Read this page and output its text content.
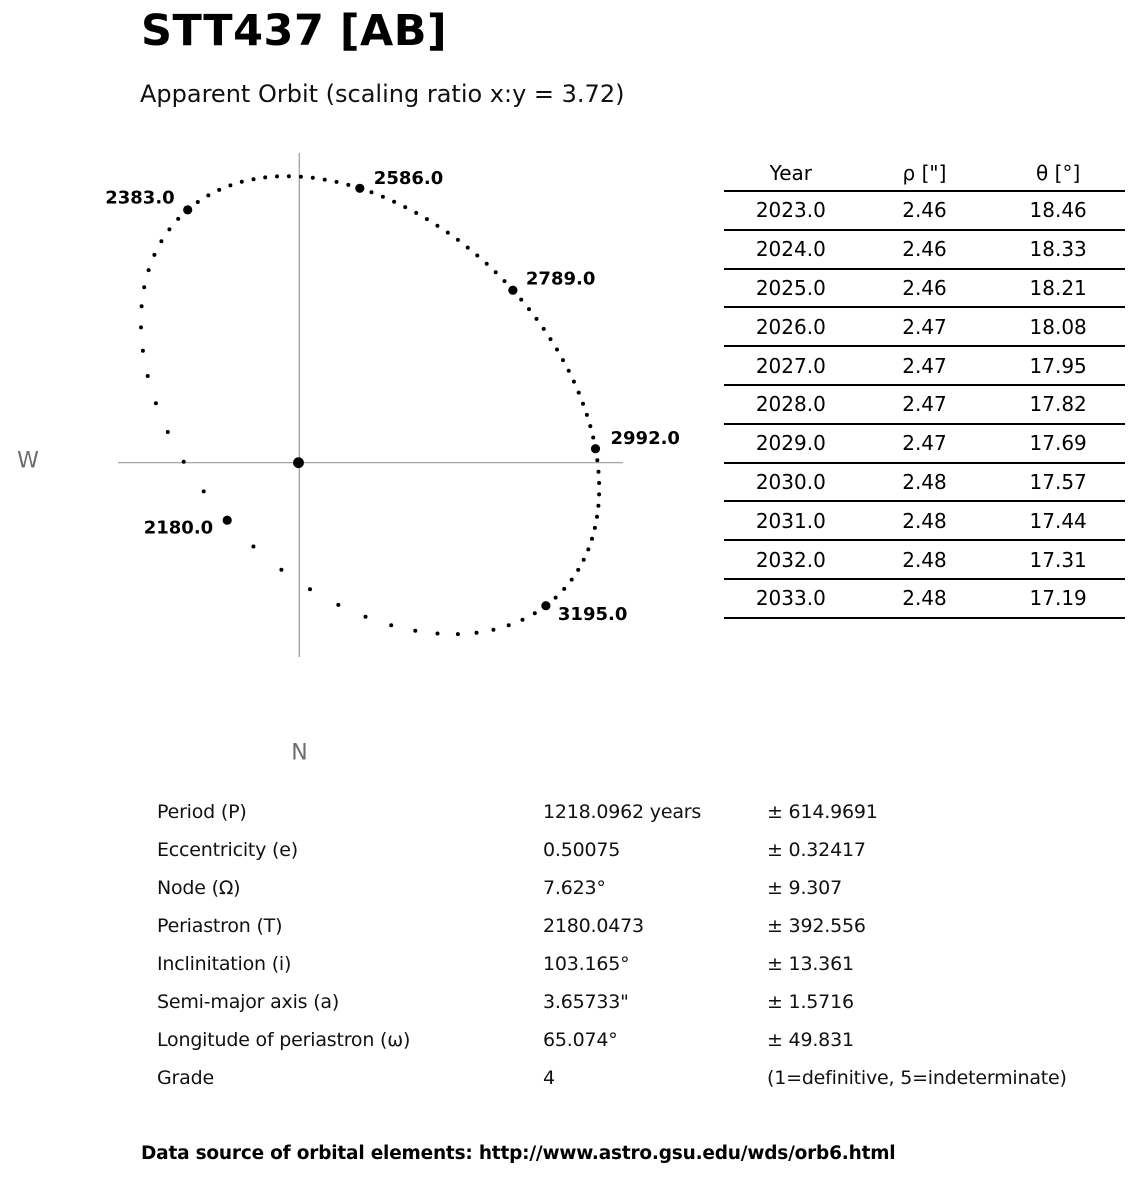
STT437 [AB]
Apparent Orbit (scaling ratio x:y = 3.72)
W
N
2180.0
2383.0
2586.0
2789.0
2992.0
3195.0
Year	ρ ["]	θ [°]
2023.0	2.46	18.46
2024.0	2.46	18.33
2025.0	2.46	18.21
2026.0	2.47	18.08
2027.0	2.47	17.95
2028.0	2.47	17.82
2029.0	2.47	17.69
2030.0	2.48	17.57
2031.0	2.48	17.44
2032.0	2.48	17.31
2033.0	2.48	17.19
Period (P)	1218.0962 years	± 614.9691
Eccentricity (e)	0.50075	± 0.32417
Node (Ω)	7.623°	± 9.307
Periastron (T)	2180.0473	± 392.556
Inclinitation (i)	103.165°	± 13.361
Semi-major axis (a)	3.65733"	± 1.5716
Longitude of periastron (ω)	65.074°	± 49.831
Grade	4	(1=definitive, 5=indeterminate)
Data source of orbital elements: http://www.astro.gsu.edu/wds/orb6.html
